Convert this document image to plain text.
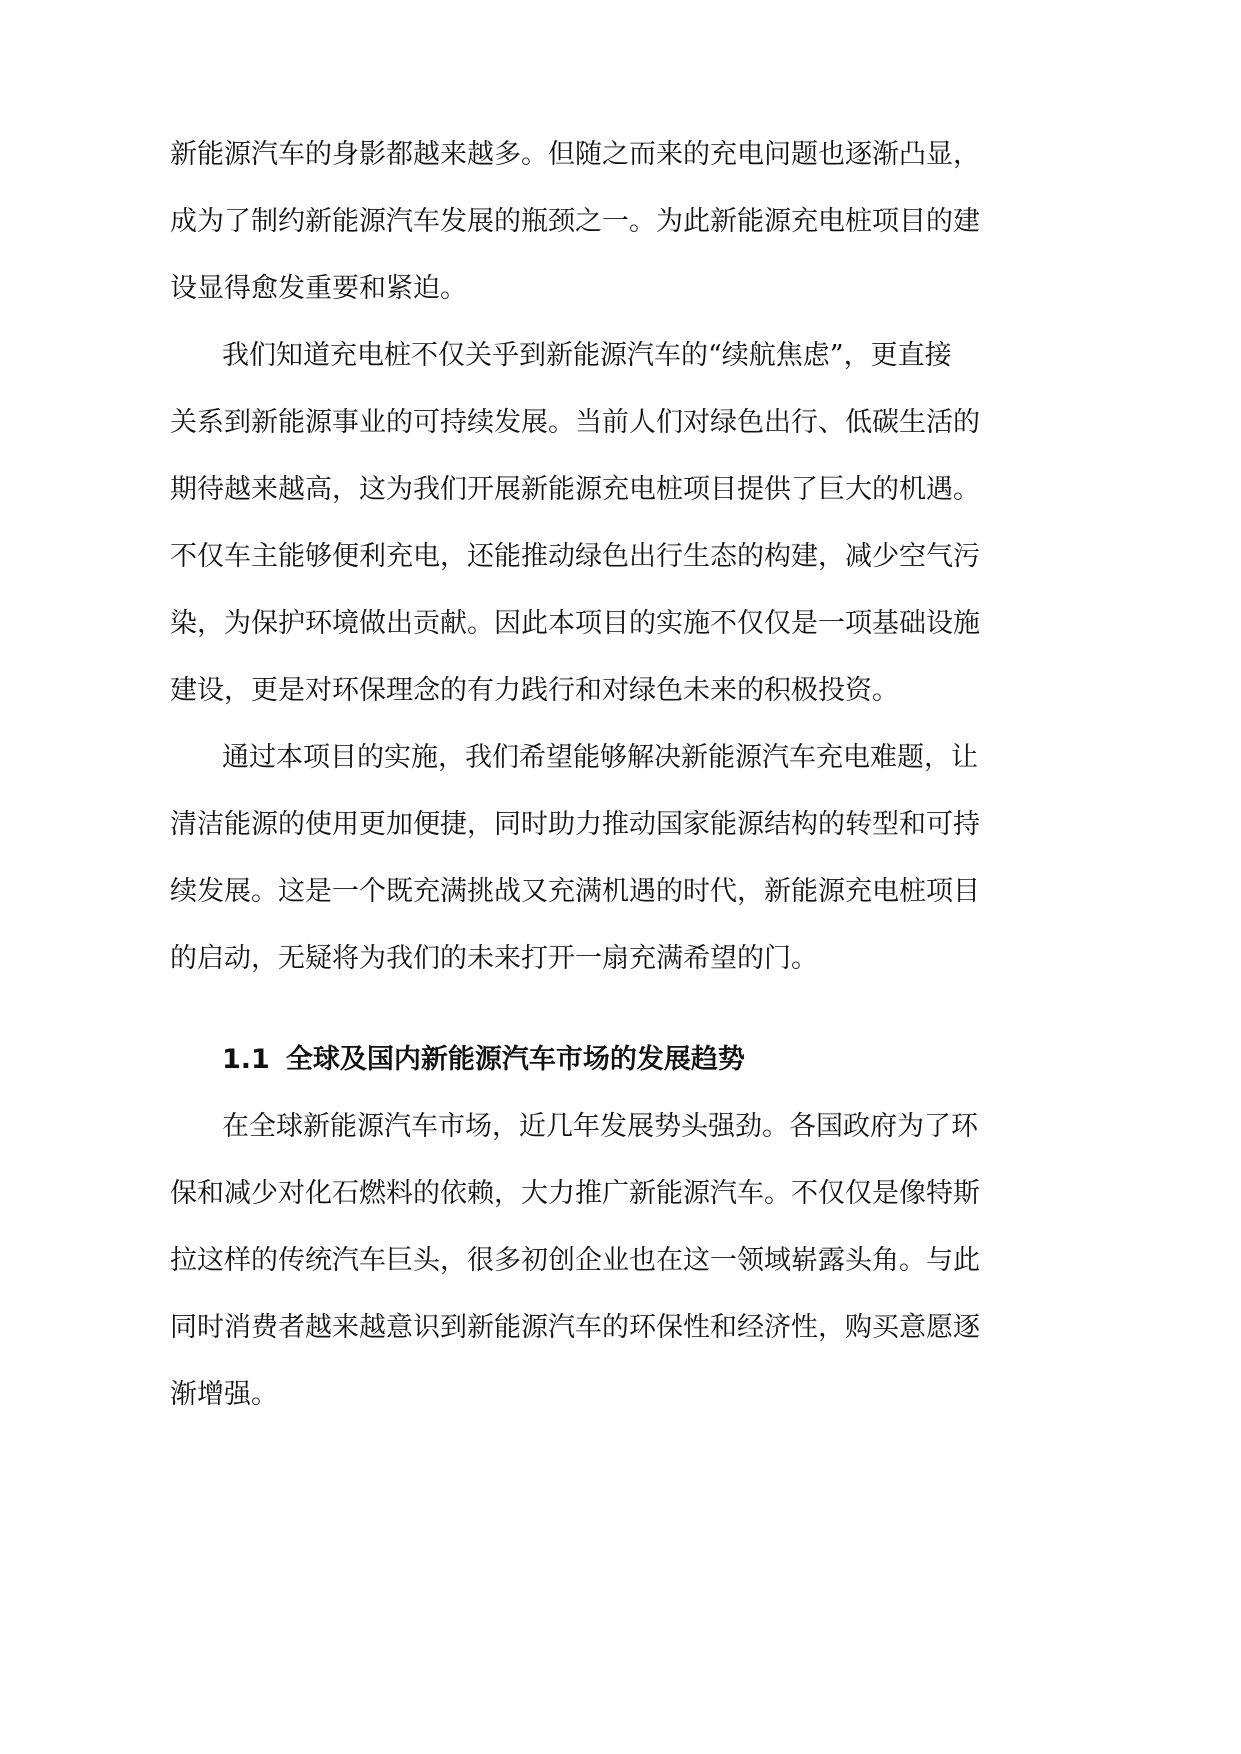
新能源汽车的身影都越来越多。但随之而来的充电问题也逐渐凸显，
成为了制约新能源汽车发展的瓶颈之一。为此新能源充电桩项目的建
设显得愈发重要和紧迫。
我们知道充电桩不仅关乎到新能源汽车的“续航焦虑”，更直接
关系到新能源事业的可持续发展。当前人们对绿色出行、低碳生活的
期待越来越高，这为我们开展新能源充电桩项目提供了巨大的机遇。
不仅车主能够便利充电，还能推动绿色出行生态的构建，减少空气污
染，为保护环境做出贡献。因此本项目的实施不仅仅是一项基础设施
建设，更是对环保理念的有力践行和对绿色未来的积极投资。
通过本项目的实施，我们希望能够解决新能源汽车充电难题，让
清洁能源的使用更加便捷，同时助力推动国家能源结构的转型和可持
续发展。这是一个既充满挑战又充满机遇的时代，新能源充电桩项目
的启动，无疑将为我们的未来打开一扇充满希望的门。
1.1 全球及国内新能源汽车市场的发展趋势
在全球新能源汽车市场，近几年发展势头强劲。各国政府为了环
保和减少对化石燃料的依赖，大力推广新能源汽车。不仅仅是像特斯
拉这样的传统汽车巨头，很多初创企业也在这一领域崭露头角。与此
同时消费者越来越意识到新能源汽车的环保性和经济性，购买意愿逐
渐增强。
